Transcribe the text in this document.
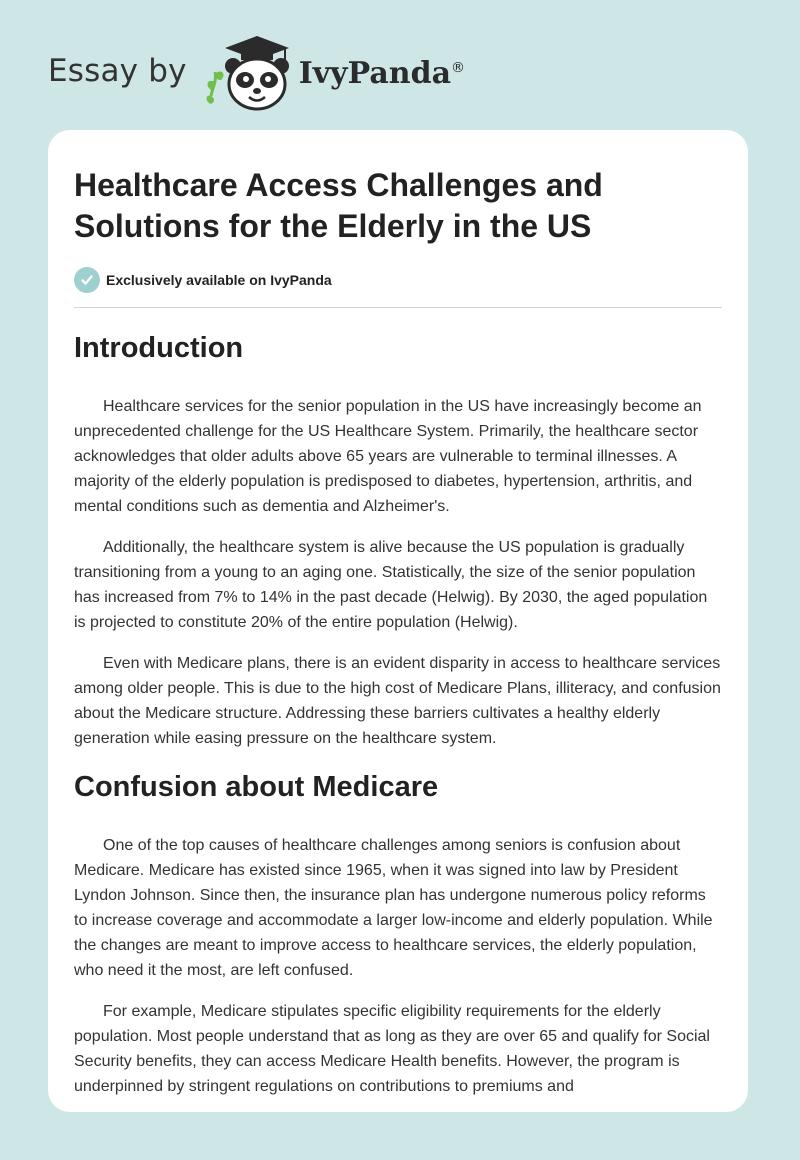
Essay by	IvyPanda®
Healthcare Access Challenges and
Solutions for the Elderly in the US
Exclusively available on IvyPanda
Introduction

Healthcare services for the senior population in the US have increasingly become an unprecedented challenge for the US Healthcare System. Primarily, the healthcare sector acknowledges that older adults above 65 years are vulnerable to terminal illnesses. A majority of the elderly population is predisposed to diabetes, hypertension, arthritis, and mental conditions such as dementia and Alzheimer's.

Additionally, the healthcare system is alive because the US population is gradually transitioning from a young to an aging one. Statistically, the size of the senior population has increased from 7% to 14% in the past decade (Helwig). By 2030, the aged population is projected to constitute 20% of the entire population (Helwig).

Even with Medicare plans, there is an evident disparity in access to healthcare services among older people. This is due to the high cost of Medicare Plans, illiteracy, and confusion about the Medicare structure. Addressing these barriers cultivates a healthy elderly generation while easing pressure on the healthcare system.

Confusion about Medicare

One of the top causes of healthcare challenges among seniors is confusion about Medicare. Medicare has existed since 1965, when it was signed into law by President Lyndon Johnson. Since then, the insurance plan has undergone numerous policy reforms to increase coverage and accommodate a larger low-income and elderly population. While the changes are meant to improve access to healthcare services, the elderly population, who need it the most, are left confused.

For example, Medicare stipulates specific eligibility requirements for the elderly population. Most people understand that as long as they are over 65 and qualify for Social Security benefits, they can access Medicare Health benefits. However, the program is underpinned by stringent regulations on contributions to premiums and
